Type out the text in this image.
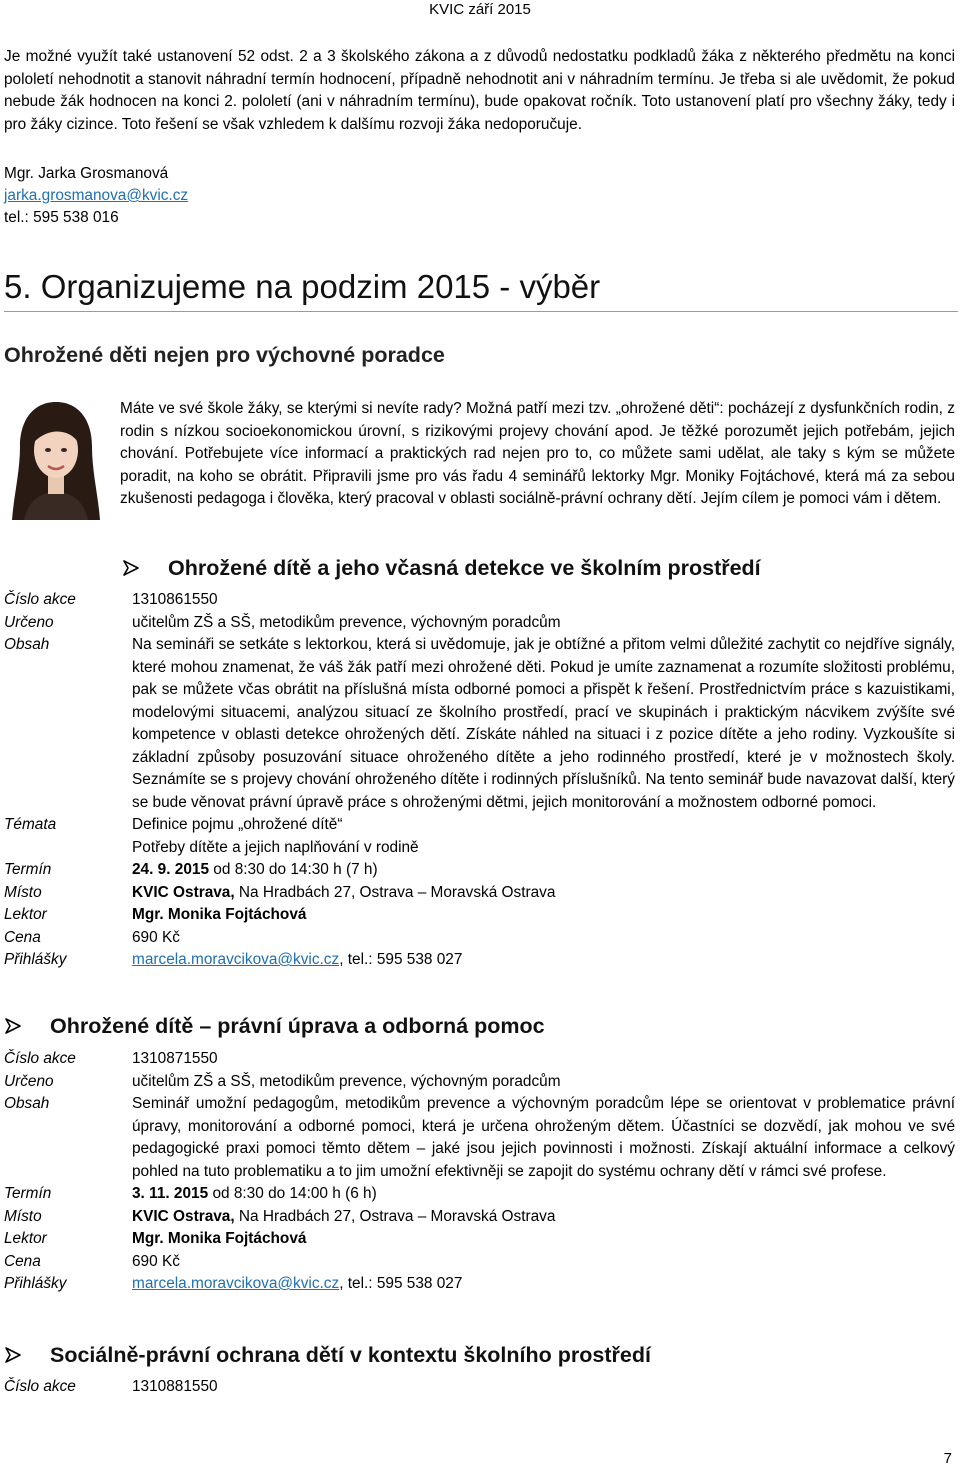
KVIC září 2015

Je možné využít také ustanovení 52 odst. 2 a 3 školského zákona a z důvodů nedostatku podkladů žáka z některého předmětu na konci pololetí nehodnotit a stanovit náhradní termín hodnocení, případně nehodnotit ani v náhradním termínu. Je třeba si ale uvědomit, že pokud nebude žák hodnocen na konci 2. pololetí (ani v náhradním termínu), bude opakovat ročník. Toto ustanovení platí pro všechny žáky, tedy i pro žáky cizince. Toto řešení se však vzhledem k dalšímu rozvoji žáka nedoporučuje.

Mgr. Jarka Grosmanová
jarka.grosmanova@kvic.cz
tel.: 595 538 016
5. Organizujeme na podzim 2015 - výběr
Ohrožené děti nejen pro výchovné poradce

Máte ve své škole žáky, se kterými si nevíte rady? Možná patří mezi tzv. „ohrožené děti“: pocházejí z dysfunkčních rodin, z rodin s nízkou socioekonomickou úrovní, s rizikovými projevy chování apod. Je těžké porozumět jejich potřebám, jejich chování. Potřebujete více informací a praktických rad nejen pro to, co můžete sami udělat, ale taky s kým se můžete poradit, na koho se obrátit. Připravili jsme pro vás řadu 4 seminářů lektorky Mgr. Moniky Fojtáchové, která má za sebou zkušenosti pedagoga i člověka, který pracoval v oblasti sociálně-právní ochrany dětí. Jejím cílem je pomoci vám i dětem.

Ohrožené dítě a jeho včasná detekce ve školním prostředí
Číslo akce	1310861550
Určeno	učitelům ZŠ a SŠ, metodikům prevence, výchovným poradcům
Obsah	Na semináři se setkáte s lektorkou, která si uvědomuje, jak je obtížné a přitom velmi důležité zachytit co nejdříve signály, které mohou znamenat, že váš žák patří mezi ohrožené děti. Pokud je umíte zaznamenat a rozumíte složitosti problému, pak se můžete včas obrátit na příslušná místa odborné pomoci a přispět k řešení. Prostřednictvím práce s kazuistikami, modelovými situacemi, analýzou situací ze školního prostředí, prací ve skupinách i praktickým nácvikem zvýšíte své kompetence v oblasti detekce ohrožených dětí. Získáte náhled na situaci i z pozice dítěte a jeho rodiny. Vyzkoušíte si základní způsoby posuzování situace ohroženého dítěte a jeho rodinného prostředí, které je v možnostech školy. Seznámíte se s projevy chování ohroženého dítěte i rodinných příslušníků. Na tento seminář bude navazovat další, který se bude věnovat právní úpravě práce s ohroženými dětmi, jejich monitorování a možnostem odborné pomoci.
Témata	Definice pojmu „ohrožené dítě“
Potřeby dítěte a jejich naplňování v rodině

Termín	24. 9. 2015 od 8:30 do 14:30 h (7 h)
Místo	KVIC Ostrava, Na Hradbách 27, Ostrava – Moravská Ostrava
Lektor	Mgr. Monika Fojtáchová
Cena	690 Kč
Přihlášky	marcela.moravcikova@kvic.cz, tel.: 595 538 027
Ohrožené dítě – právní úprava a odborná pomoc
Číslo akce	1310871550
Určeno	učitelům ZŠ a SŠ, metodikům prevence, výchovným poradcům
Obsah	Seminář umožní pedagogům, metodikům prevence a výchovným poradcům lépe se orientovat v problematice právní úpravy, monitorování a odborné pomoci, která je určena ohroženým dětem. Účastníci se dozvědí, jak mohou ve své pedagogické praxi pomoci těmto dětem – jaké jsou jejich povinnosti i možnosti. Získají aktuální informace a celkový pohled na tuto problematiku a to jim umožní efektivněji se zapojit do systému ochrany dětí v rámci své profese.
Termín	3. 11. 2015 od 8:30 do 14:00 h (6 h)
Místo	KVIC Ostrava, Na Hradbách 27, Ostrava – Moravská Ostrava
Lektor	Mgr. Monika Fojtáchová
Cena	690 Kč
Přihlášky	marcela.moravcikova@kvic.cz, tel.: 595 538 027
Sociálně-právní ochrana dětí v kontextu školního prostředí
Číslo akce	1310881550
7
